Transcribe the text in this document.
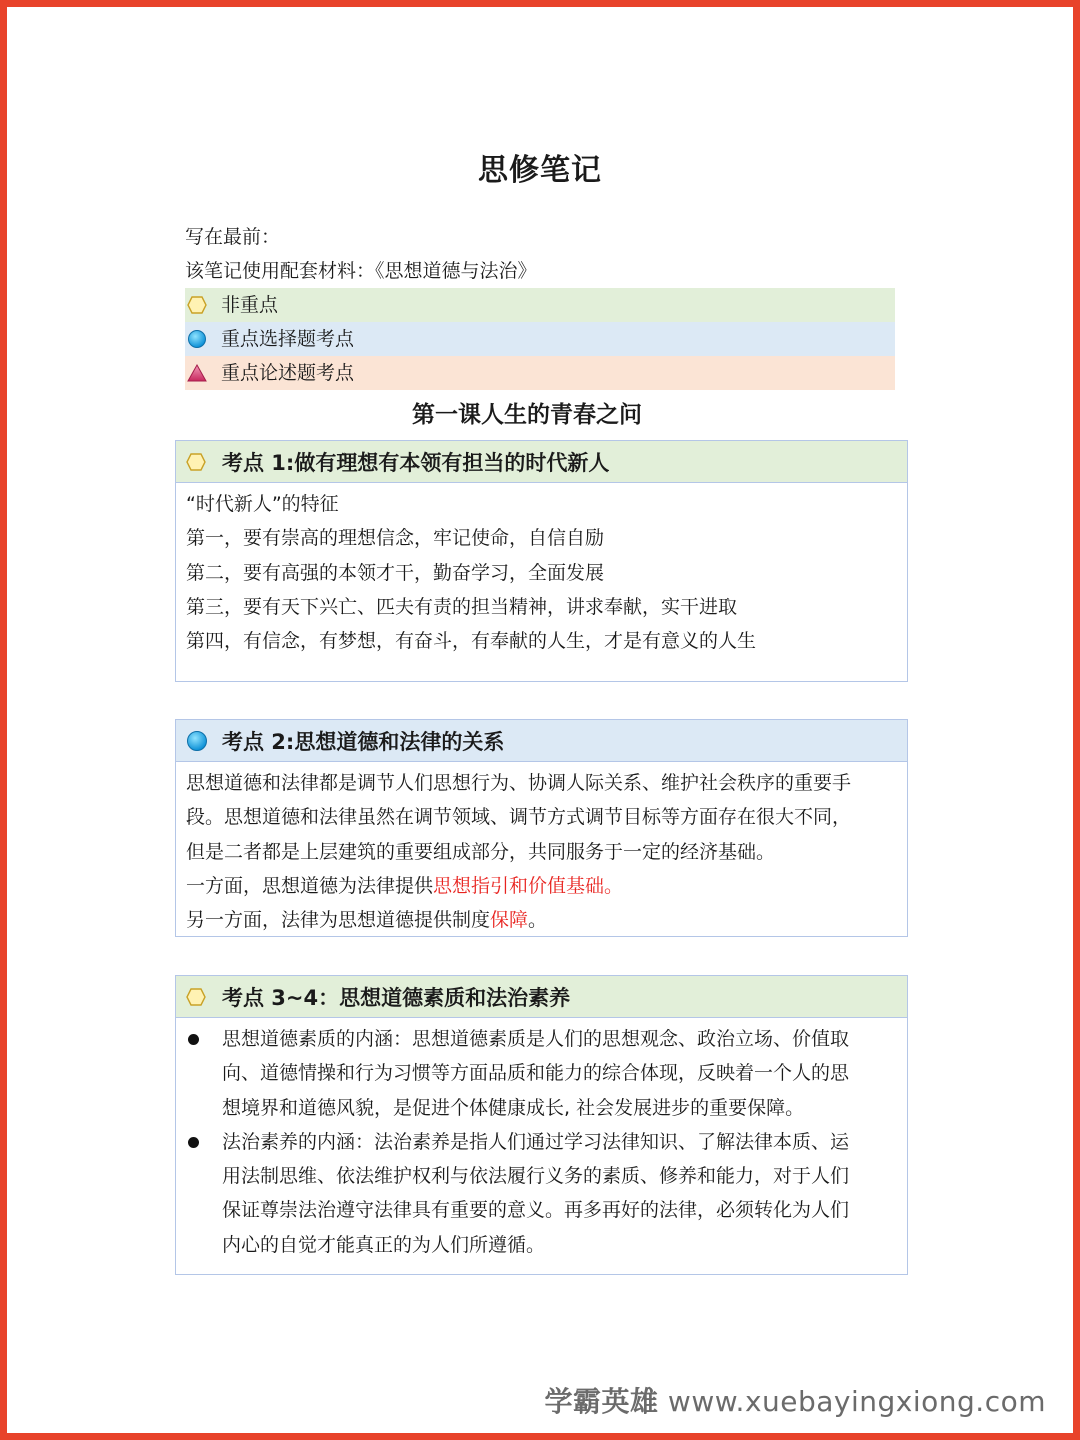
思修笔记
写在最前：
该笔记使用配套材料：《思想道德与法治》
非重点
重点选择题考点
重点论述题考点
第一课人生的青春之问
考点 1:做有理想有本领有担当的时代新人
“时代新人”的特征
第一，要有崇高的理想信念，牢记使命，自信自励
第二，要有高强的本领才干，勤奋学习，全面发展
第三，要有天下兴亡、匹夫有责的担当精神，讲求奉献，实干进取
第四，有信念，有梦想，有奋斗，有奉献的人生，才是有意义的人生
考点 2:思想道德和法律的关系
思想道德和法律都是调节人们思想行为、协调人际关系、维护社会秩序的重要手
段。思想道德和法律虽然在调节领域、调节方式调节目标等方面存在很大不同，
但是二者都是上层建筑的重要组成部分，共同服务于一定的经济基础。
一方面，思想道德为法律提供思想指引和价值基础。
另一方面，法律为思想道德提供制度保障。
考点 3~4：思想道德素质和法治素养
思想道德素质的内涵：思想道德素质是人们的思想观念、政治立场、价值取
向、道德情操和行为习惯等方面品质和能力的综合体现，反映着一个人的思
想境界和道德风貌，是促进个体健康成长, 社会发展进步的重要保障。
法治素养的内涵：法治素养是指人们通过学习法律知识、了解法律本质、运
用法制思维、依法维护权利与依法履行义务的素质、修养和能力，对于人们
保证尊崇法治遵守法律具有重要的意义。再多再好的法律，必须转化为人们
内心的自觉才能真正的为人们所遵循。
学霸英雄 www.xuebayingxiong.com
